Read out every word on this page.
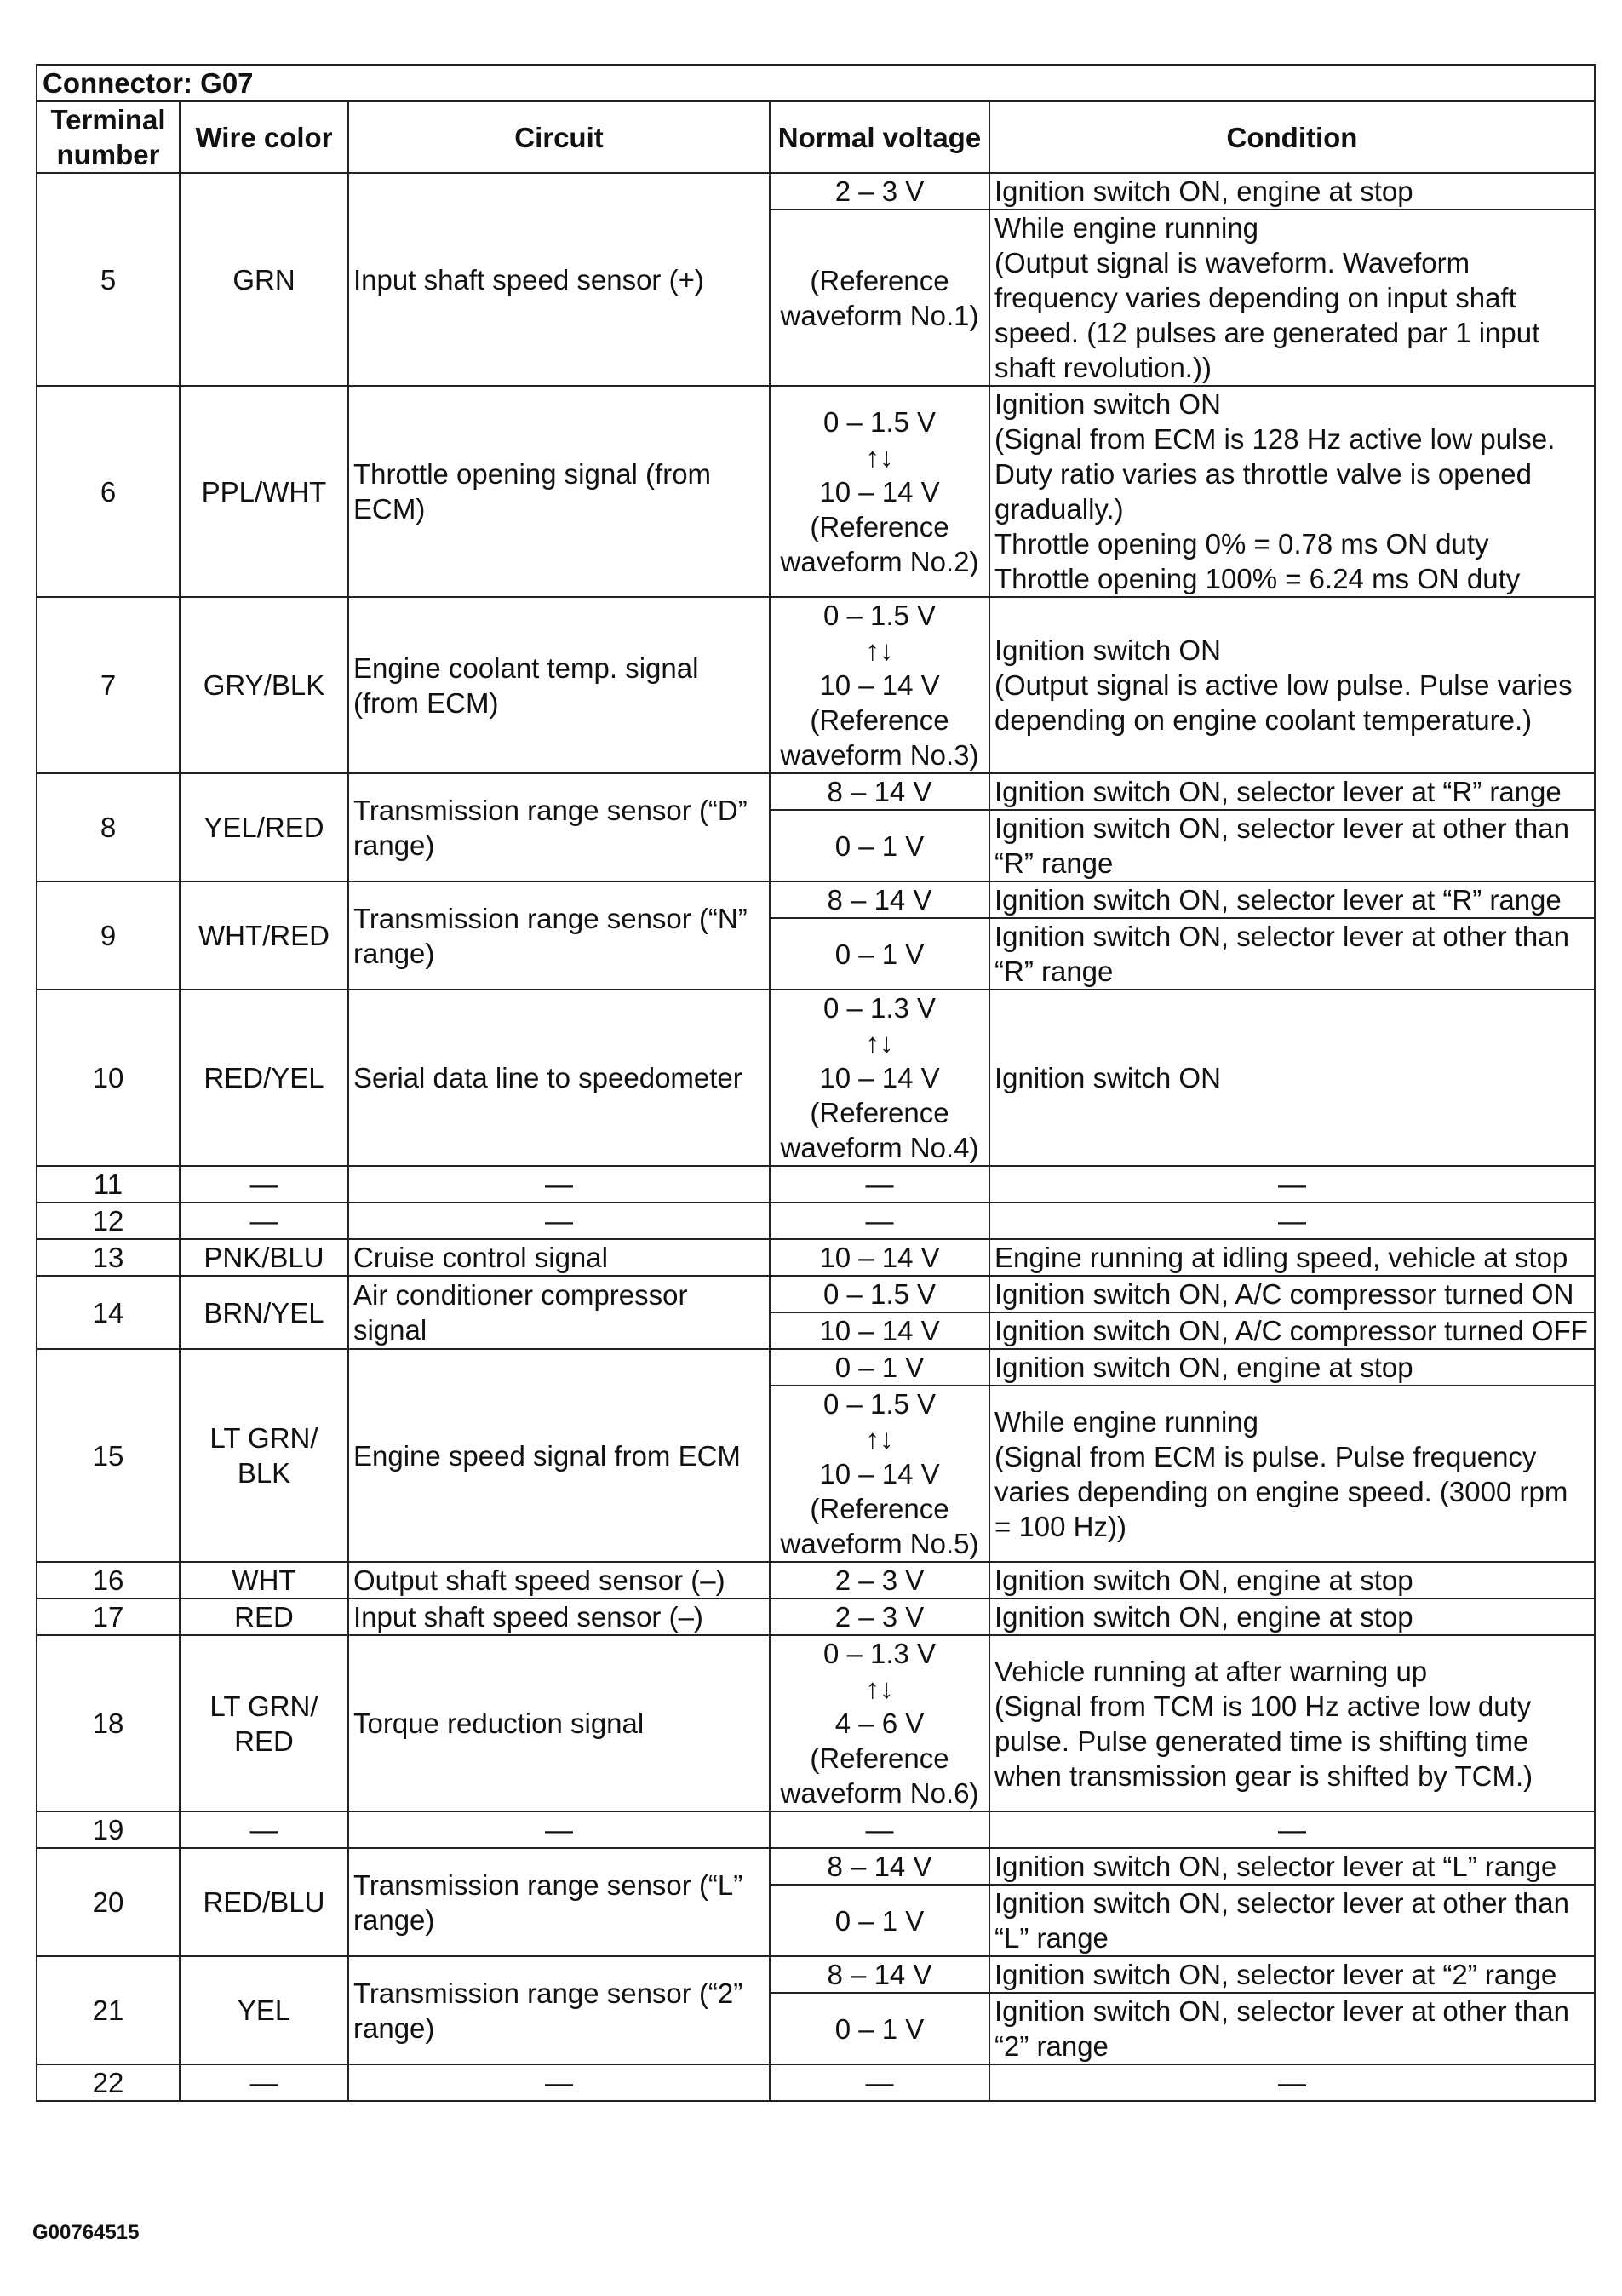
Connector: G07				
Terminal number	Wire color	Circuit	Normal voltage	Condition
5	GRN	Input shaft speed sensor (+)	2 – 3 V	Ignition switch ON, engine at stop
			(Reference waveform No.1)	While engine running
(Output signal is waveform. Waveform frequency varies depending on input shaft speed. (12 pulses are generated par 1 input shaft revolution.))
6	PPL/WHT	Throttle opening signal (from ECM)	0 – 1.5 V
↑↓
10 – 14 V
(Reference waveform No.2)	Ignition switch ON
(Signal from ECM is 128 Hz active low pulse. Duty ratio varies as throttle valve is opened gradually.)
Throttle opening 0% = 0.78 ms ON duty
Throttle opening 100% = 6.24 ms ON duty
7	GRY/BLK	Engine coolant temp. signal (from ECM)	0 – 1.5 V
↑↓
10 – 14 V
(Reference waveform No.3)	Ignition switch ON
(Output signal is active low pulse. Pulse varies depending on engine coolant temperature.)
8	YEL/RED	Transmission range sensor (“D” range)	8 – 14 V	Ignition switch ON, selector lever at “R” range
			0 – 1 V	Ignition switch ON, selector lever at other than “R” range
9	WHT/RED	Transmission range sensor (“N” range)	8 – 14 V	Ignition switch ON, selector lever at “R” range
			0 – 1 V	Ignition switch ON, selector lever at other than “R” range
10	RED/YEL	Serial data line to speedometer	0 – 1.3 V
↑↓
10 – 14 V
(Reference waveform No.4)	Ignition switch ON
11	—	—	—	—
12	—	—	—	—
13	PNK/BLU	Cruise control signal	10 – 14 V	Engine running at idling speed, vehicle at stop
14	BRN/YEL	Air conditioner compressor signal	0 – 1.5 V	Ignition switch ON, A/C compressor turned ON
			10 – 14 V	Ignition switch ON, A/C compressor turned OFF
15	LT GRN/ BLK	Engine speed signal from ECM	0 – 1 V	Ignition switch ON, engine at stop
			0 – 1.5 V
↑↓
10 – 14 V
(Reference waveform No.5)	While engine running
(Signal from ECM is pulse. Pulse frequency varies depending on engine speed. (3000 rpm = 100 Hz))
16	WHT	Output shaft speed sensor (–)	2 – 3 V	Ignition switch ON, engine at stop
17	RED	Input shaft speed sensor (–)	2 – 3 V	Ignition switch ON, engine at stop
18	LT GRN/ RED	Torque reduction signal	0 – 1.3 V
↑↓
4 – 6 V
(Reference waveform No.6)	Vehicle running at after warning up
(Signal from TCM is 100 Hz active low duty pulse. Pulse generated time is shifting time when transmission gear is shifted by TCM.)
19	—	—	—	—
20	RED/BLU	Transmission range sensor (“L” range)	8 – 14 V	Ignition switch ON, selector lever at “L” range
			0 – 1 V	Ignition switch ON, selector lever at other than “L” range
21	YEL	Transmission range sensor (“2” range)	8 – 14 V	Ignition switch ON, selector lever at “2” range
			0 – 1 V	Ignition switch ON, selector lever at other than “2” range
22	—	—	—	—
G00764515
